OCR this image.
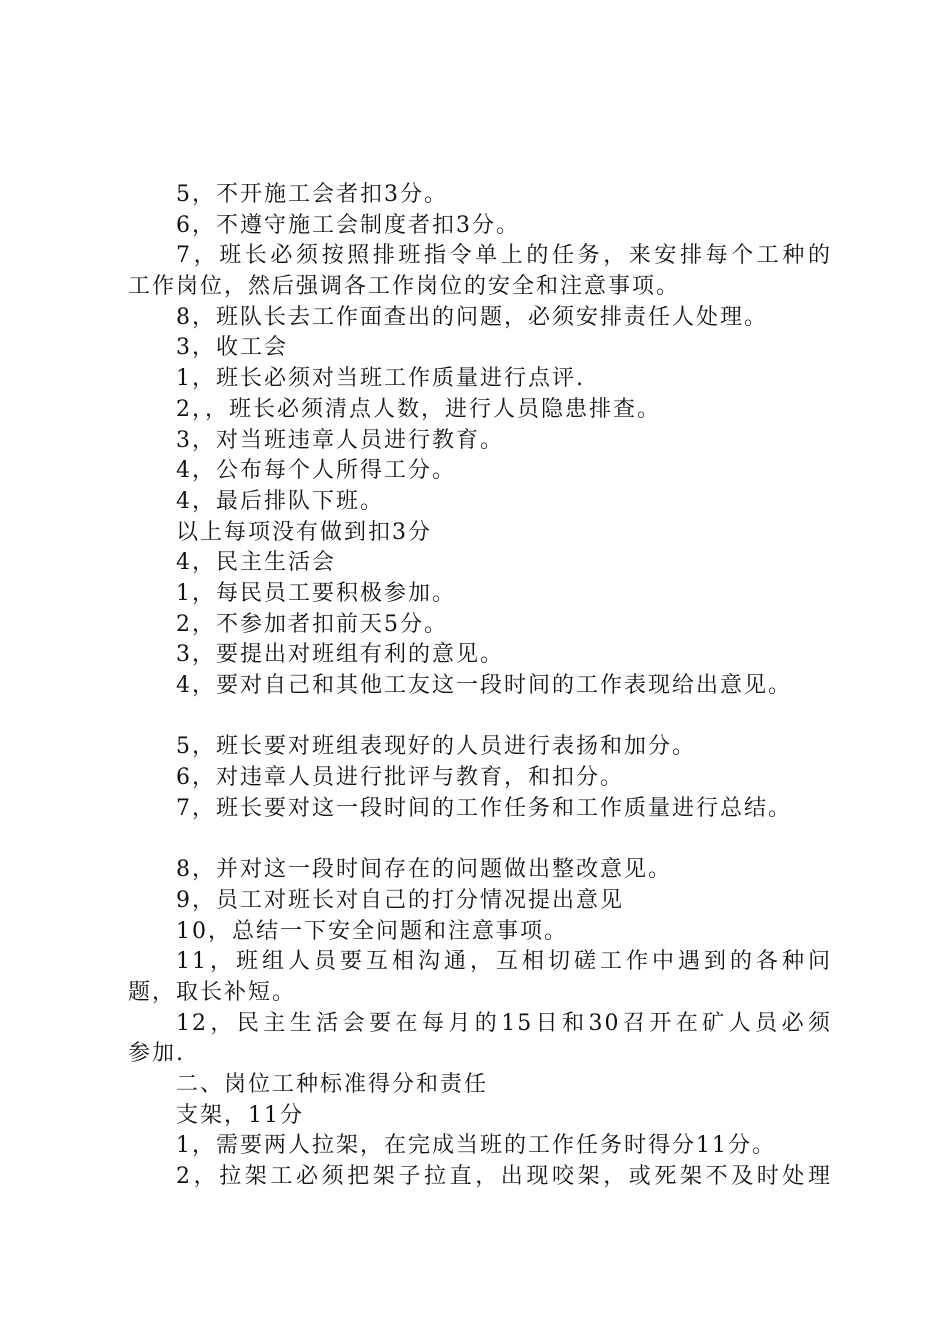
5，不开施工会者扣3分。
6，不遵守施工会制度者扣3分。
7，班长必须按照排班指令单上的任务，来安排每个工种的
工作岗位，然后强调各工作岗位的安全和注意事项。
8，班队长去工作面查出的问题，必须安排责任人处理。
3，收工会
1，班长必须对当班工作质量进行点评.
2，，班长必须清点人数，进行人员隐患排查。
3，对当班违章人员进行教育。
4，公布每个人所得工分。
4，最后排队下班。
以上每项没有做到扣3分
4，民主生活会
1，每民员工要积极参加。
2，不参加者扣前天5分。
3，要提出对班组有利的意见。
4，要对自己和其他工友这一段时间的工作表现给出意见。
5，班长要对班组表现好的人员进行表扬和加分。
6，对违章人员进行批评与教育，和扣分。
7，班长要对这一段时间的工作任务和工作质量进行总结。
8，并对这一段时间存在的问题做出整改意见。
9，员工对班长对自己的打分情况提出意见
10，总结一下安全问题和注意事项。
11，班组人员要互相沟通，互相切磋工作中遇到的各种问
题，取长补短。
12，民主生活会要在每月的15日和30召开在矿人员必须
参加.
二、岗位工种标准得分和责任
支架，11分
1，需要两人拉架，在完成当班的工作任务时得分11分。
2，拉架工必须把架子拉直，出现咬架，或死架不及时处理
